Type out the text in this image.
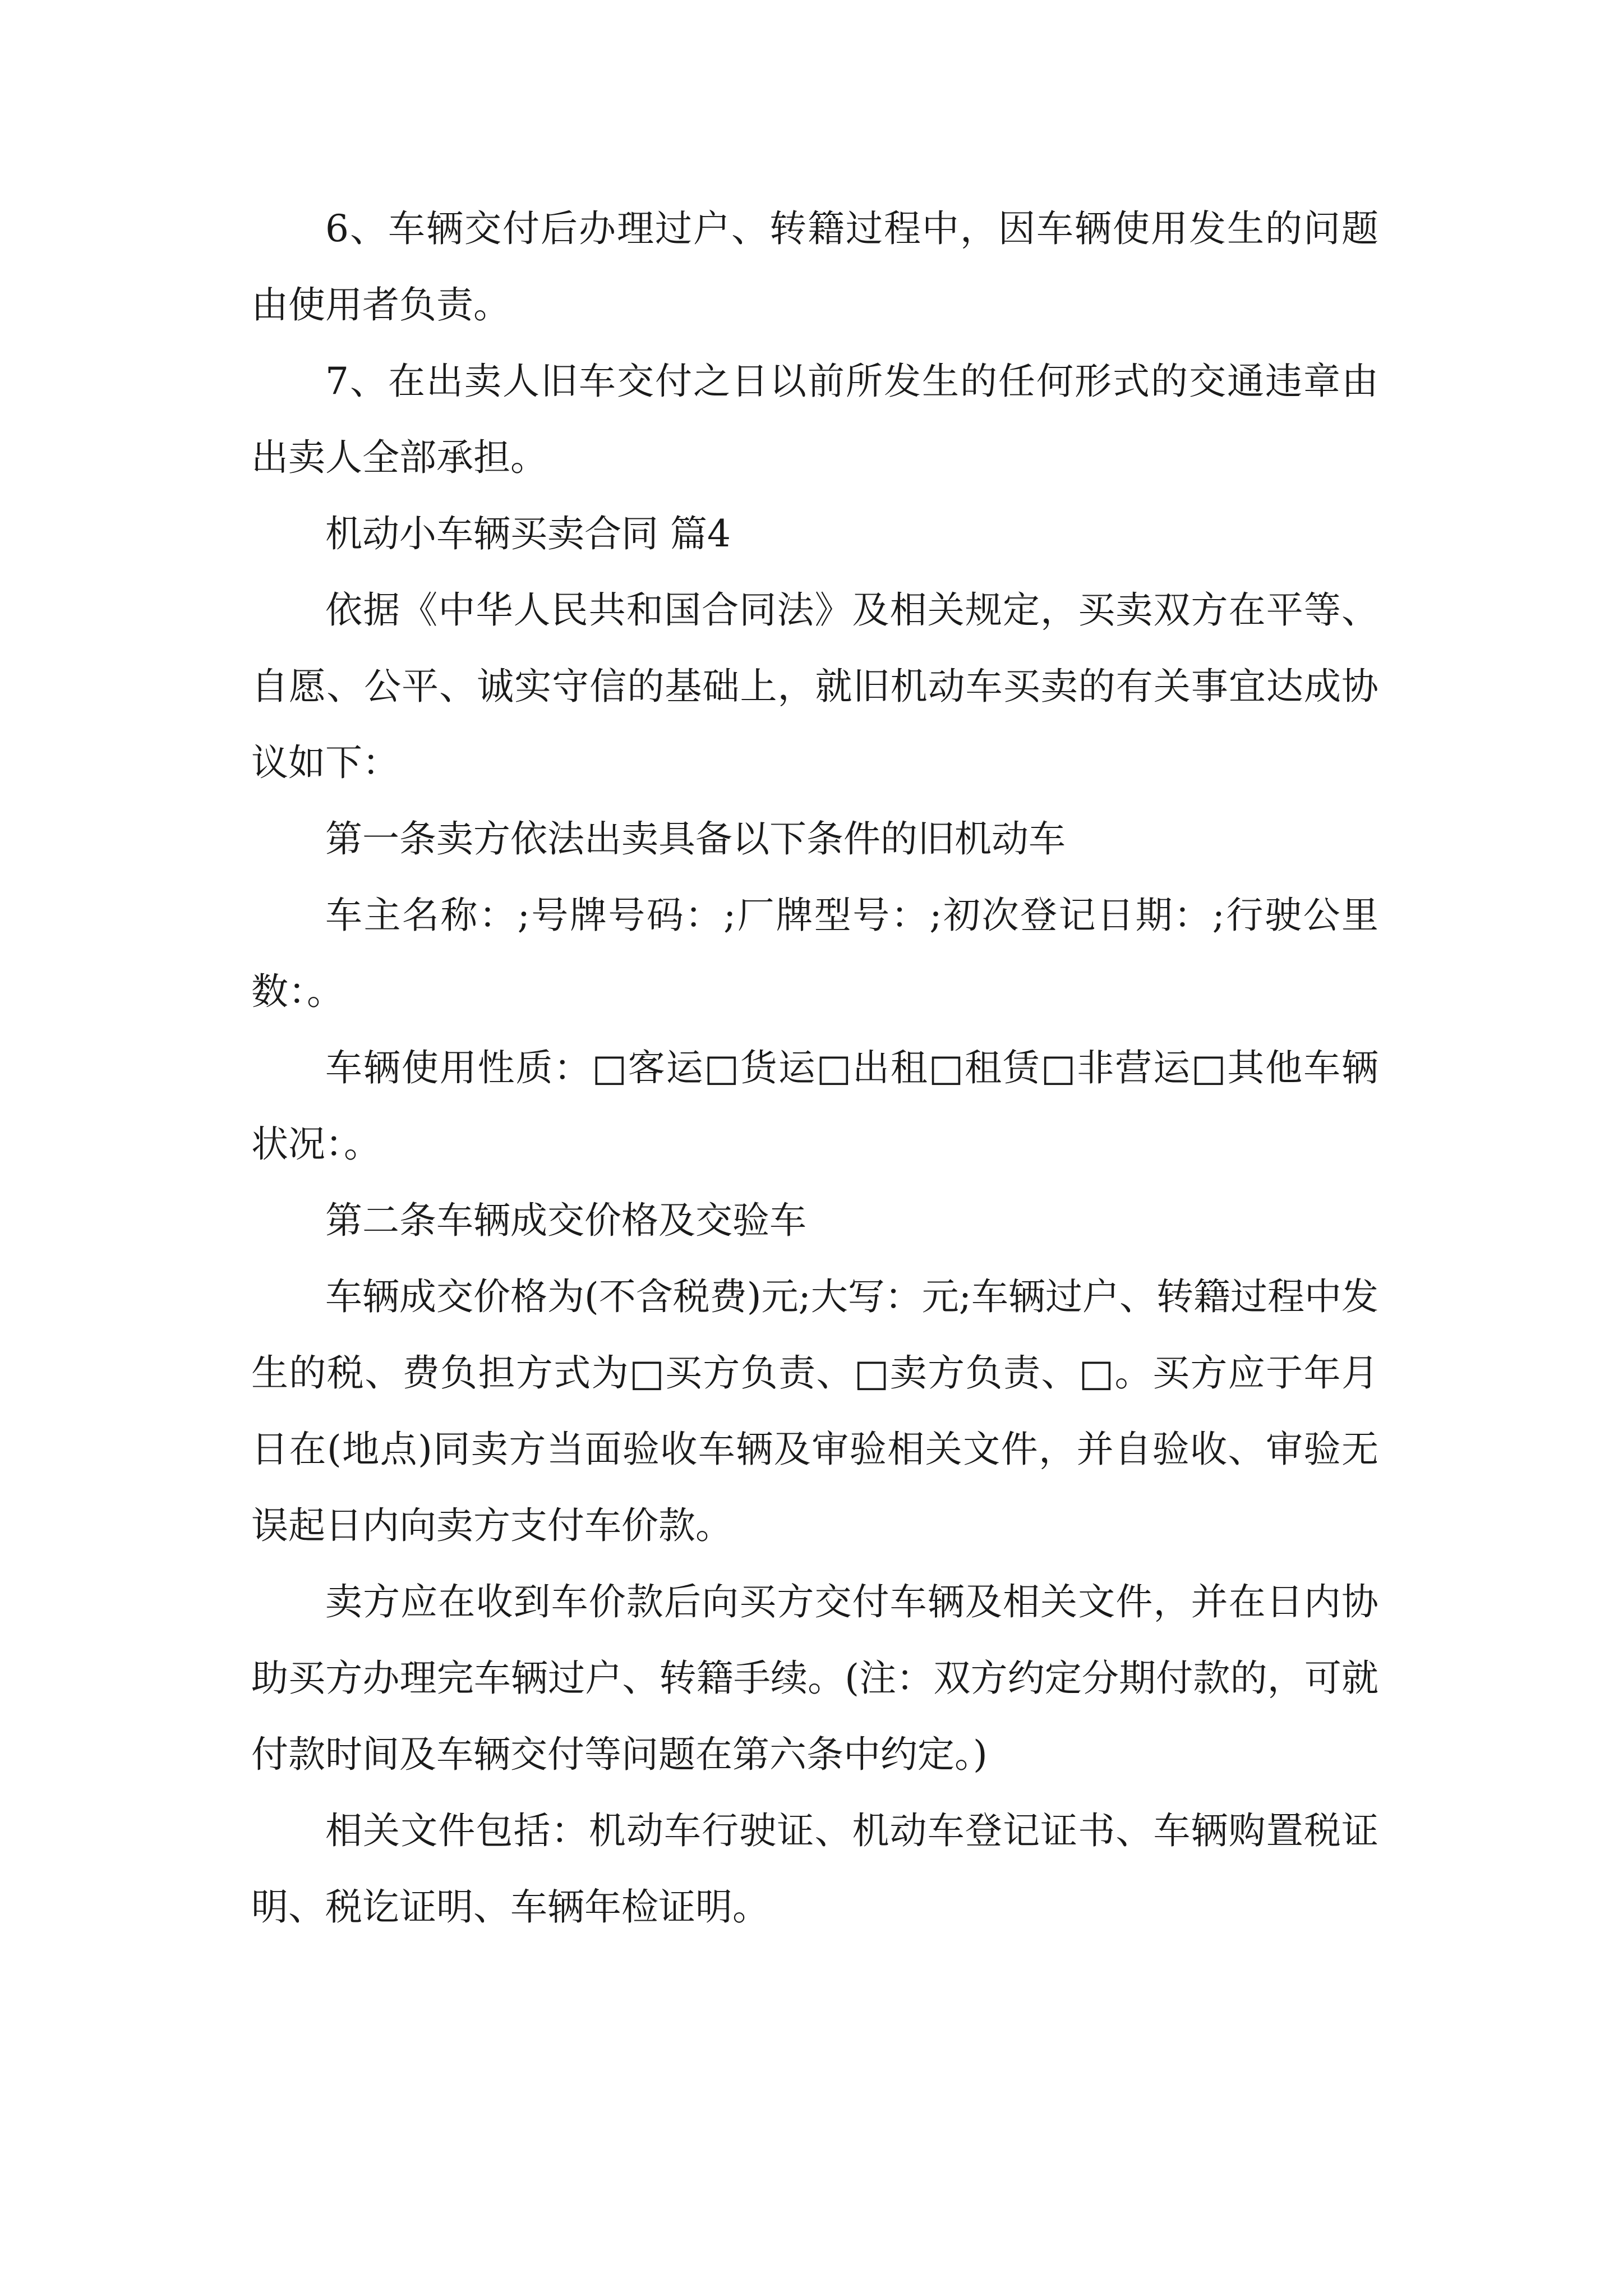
6、车辆交付后办理过户、转籍过程中，因车辆使用发生的问题由使用者负责。

7、在出卖人旧车交付之日以前所发生的任何形式的交通违章由出卖人全部承担。

机动小车辆买卖合同 篇4

依据《中华人民共和国合同法》及相关规定，买卖双方在平等、自愿、公平、诚实守信的基础上，就旧机动车买卖的有关事宜达成协议如下：

第一条卖方依法出卖具备以下条件的旧机动车

车主名称：;号牌号码：;厂牌型号：;初次登记日期：;行驶公里数：。

车辆使用性质：□客运□货运□出租□租赁□非营运□其他车辆状况：。

第二条车辆成交价格及交验车

车辆成交价格为(不含税费)元;大写：元;车辆过户、转籍过程中发生的税、费负担方式为□买方负责、□卖方负责、□。买方应于年月日在(地点)同卖方当面验收车辆及审验相关文件，并自验收、审验无误起日内向卖方支付车价款。

卖方应在收到车价款后向买方交付车辆及相关文件，并在日内协助买方办理完车辆过户、转籍手续。(注：双方约定分期付款的，可就付款时间及车辆交付等问题在第六条中约定。)

相关文件包括：机动车行驶证、机动车登记证书、车辆购置税证明、税讫证明、车辆年检证明。
